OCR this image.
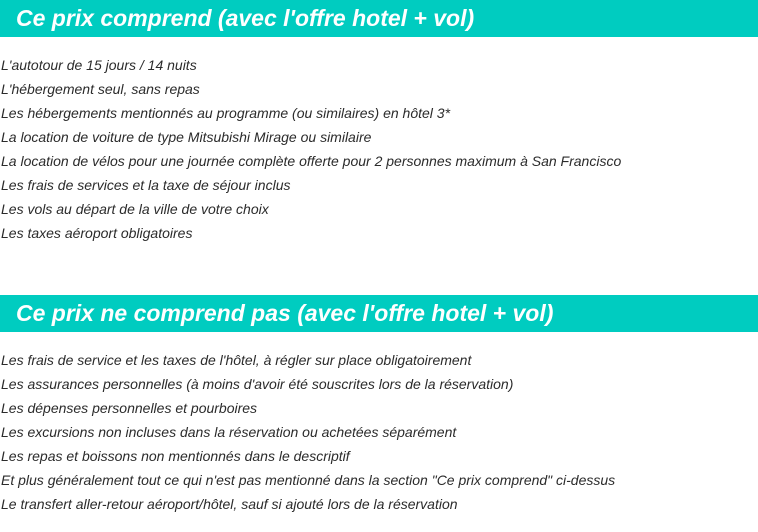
Ce prix comprend (avec l'offre hotel + vol)
L'autotour de 15 jours / 14 nuits
L'hébergement seul, sans repas
Les hébergements mentionnés au programme (ou similaires) en hôtel 3*
La location de voiture de type Mitsubishi Mirage ou similaire
La location de vélos pour une journée complète offerte pour 2 personnes maximum à San Francisco
Les frais de services et la taxe de séjour inclus
Les vols au départ de la ville de votre choix
Les taxes aéroport obligatoires
Ce prix ne comprend pas (avec l'offre hotel + vol)
Les frais de service et les taxes de l'hôtel, à régler sur place obligatoirement
Les assurances personnelles (à moins d'avoir été souscrites lors de la réservation)
Les dépenses personnelles et pourboires
Les excursions non incluses dans la réservation ou achetées séparément
Les repas et boissons non mentionnés dans le descriptif
Et plus généralement tout ce qui n'est pas mentionné dans la section "Ce prix comprend" ci-dessus
Le transfert aller-retour aéroport/hôtel, sauf si ajouté lors de la réservation
